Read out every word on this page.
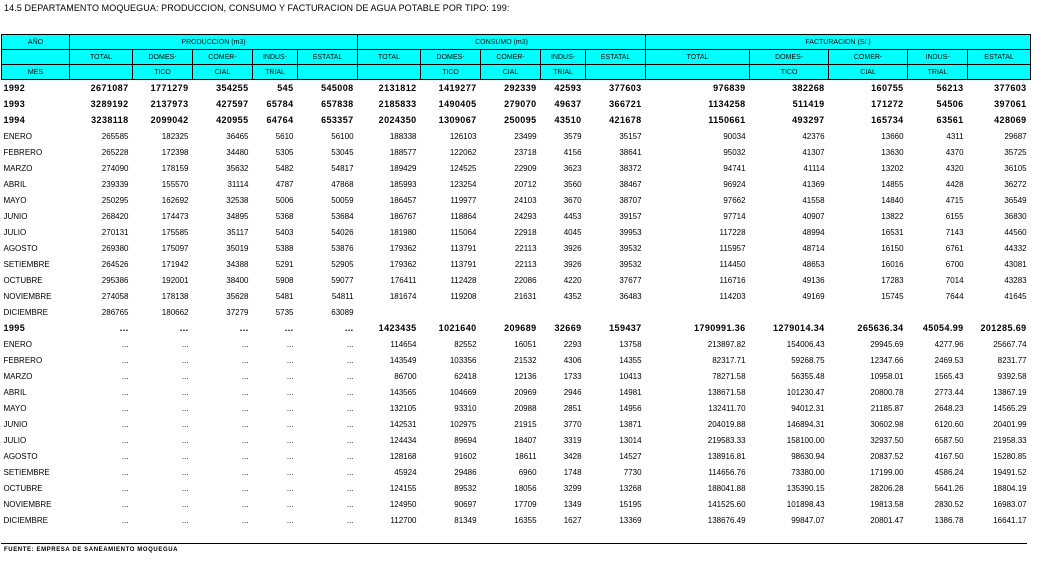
14.5 DEPARTAMENTO MOQUEGUA: PRODUCCION, CONSUMO Y FACTURACION DE AGUA POTABLE POR TIPO: 199:
AÑO	PRODUCCION (m3)					CONSUMO (m3)					FACTURACION (S/.)				
	TOTAL	DOMES-	COMER-	INDUS-	ESTATAL	TOTAL	DOMES-	COMER-	INDUS-	ESTATAL	TOTAL	DOMES-	COMER-	INDUS-	ESTATAL
MES		TICO	CIAL	TRIAL			TICO	CIAL	TRIAL			TICO	CIAL	TRIAL	
1992	2671087	1771279	354255	545	545008	2131812	1419277	292339	42593	377603	976839	382268	160755	56213	377603
1993	3289192	2137973	427597	65784	657838	2185833	1490405	279070	49637	366721	1134258	511419	171272	54506	397061
1994	3238118	2099042	420955	64764	653357	2024350	1309067	250095	43510	421678	1150661	493297	165734	63561	428069
ENERO	265585	182325	36465	5610	56100	188338	126103	23499	3579	35157	90034	42376	13660	4311	29687
FEBRERO	265228	172398	34480	5305	53045	188577	122062	23718	4156	38641	95032	41307	13630	4370	35725
MARZO	274090	178159	35632	5482	54817	189429	124525	22909	3623	38372	94741	41114	13202	4320	36105
ABRIL	239339	155570	31114	4787	47868	185993	123254	20712	3560	38467	96924	41369	14855	4428	36272
MAYO	250295	162692	32538	5006	50059	186457	119977	24103	3670	38707	97662	41558	14840	4715	36549
JUNIO	268420	174473	34895	5368	53684	186767	118864	24293	4453	39157	97714	40907	13822	6155	36830
JULIO	270131	175585	35117	5403	54026	181980	115064	22918	4045	39953	117228	48994	16531	7143	44560
AGOSTO	269380	175097	35019	5388	53876	179362	113791	22113	3926	39532	115957	48714	16150	6761	44332
SETIEMBRE	264526	171942	34388	5291	52905	179362	113791	22113	3926	39532	114450	48653	16016	6700	43081
OCTUBRE	295386	192001	38400	5908	59077	176411	112428	22086	4220	37677	116716	49136	17283	7014	43283
NOVIEMBRE	274058	178138	35628	5481	54811	181674	119208	21631	4352	36483	114203	49169	15745	7644	41645
DICIEMBRE	286765	180662	37279	5735	63089										
1995	...	...	...	...	...	1423435	1021640	209689	32669	159437	1790991.36	1279014.34	265636.34	45054.99	201285.69
ENERO	...	...	...	...	...	114654	82552	16051	2293	13758	213897.82	154006.43	29945.69	4277.96	25667.74
FEBRERO	...	...	...	...	...	143549	103356	21532	4306	14355	82317.71	59268.75	12347.66	2469.53	8231.77
MARZO	...	...	...	...	...	86700	62418	12136	1733	10413	78271.58	56355.48	10958.01	1565.43	9392.58
ABRIL	...	...	...	...	...	143565	104669	20969	2946	14981	138671.58	101230.47	20800.78	2773.44	13867.19
MAYO	...	...	...	...	...	132105	93310	20988	2851	14956	132411.70	94012.31	21185.87	2648.23	14565.29
JUNIO	...	...	...	...	...	142531	102975	21915	3770	13871	204019.88	146894.31	30602.98	6120.60	20401.99
JULIO	...	...	...	...	...	124434	89694	18407	3319	13014	219583.33	158100.00	32937.50	6587.50	21958.33
AGOSTO	...	...	...	...	...	128168	91602	18611	3428	14527	138916.81	98630.94	20837.52	4167.50	15280.85
SETIEMBRE	...	...	...	...	...	45924	29486	6960	1748	7730	114656.76	73380.00	17199.00	4586.24	19491.52
OCTUBRE	...	...	...	...	...	124155	89532	18056	3299	13268	188041.88	135390.15	28206.28	5641.26	18804.19
NOVIEMBRE	...	...	...	...	...	124950	90697	17709	1349	15195	141525.60	101898.43	19813.58	2830.52	16983.07
DICIEMBRE	...	...	...	...	...	112700	81349	16355	1627	13369	138676.49	99847.07	20801.47	1386.78	16641.17
FUENTE: EMPRESA DE SANEAMIENTO MOQUEGUA
